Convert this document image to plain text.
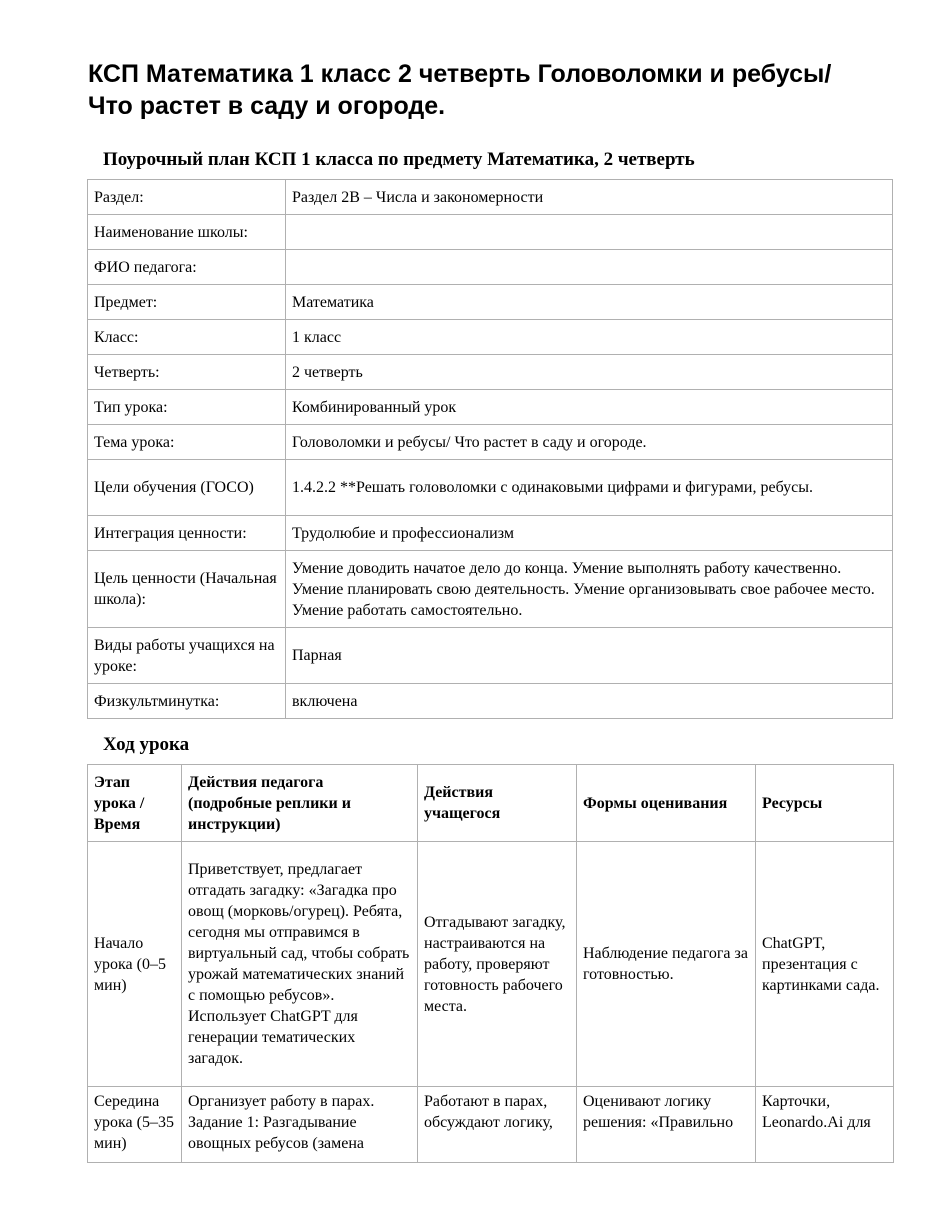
КСП Математика 1 класс 2 четверть Головоломки и ребусы/ Что растет в саду и огороде.
Поурочный план КСП 1 класса по предмету Математика, 2 четверть
Раздел:	Раздел 2В – Числа и закономерности
Наименование школы:	
ФИО педагога:	
Предмет:	Математика
Класс:	1 класс
Четверть:	2 четверть
Тип урока:	Комбинированный урок
Тема урока:	Головоломки и ребусы/ Что растет в саду и огороде.
Цели обучения (ГОСО)	1.4.2.2 **Решать головоломки с одинаковыми цифрами и фигурами, ребусы.
Интеграция ценности:	Трудолюбие и профессионализм
Цель ценности (Начальная школа):	Умение доводить начатое дело до конца. Умение выполнять работу качественно. Умение планировать свою деятельность. Умение организовывать свое рабочее место. Умение работать самостоятельно.
Виды работы учащихся на уроке:	Парная
Физкультминутка:	включена
Ход урока
Этап урока / Время	Действия педагога (подробные реплики и инструкции)	Действия учащегося	Формы оценивания	Ресурсы
Начало урока (0–5 мин)	Приветствует, предлагает отгадать загадку: «Загадка про овощ (морковь/огурец). Ребята, сегодня мы отправимся в виртуальный сад, чтобы собрать урожай математических знаний с помощью ребусов». Использует ChatGPT для генерации тематических загадок.	Отгадывают загадку, настраиваются на работу, проверяют готовность рабочего места.	Наблюдение педагога за готовностью.	ChatGPT, презентация с картинками сада.
Середина урока (5–35 мин)	Организует работу в парах. Задание 1: Разгадывание овощных ребусов (замена	Работают в парах, обсуждают логику,	Оценивают логику решения: «Правильно	Карточки, Leonardo.Ai для
